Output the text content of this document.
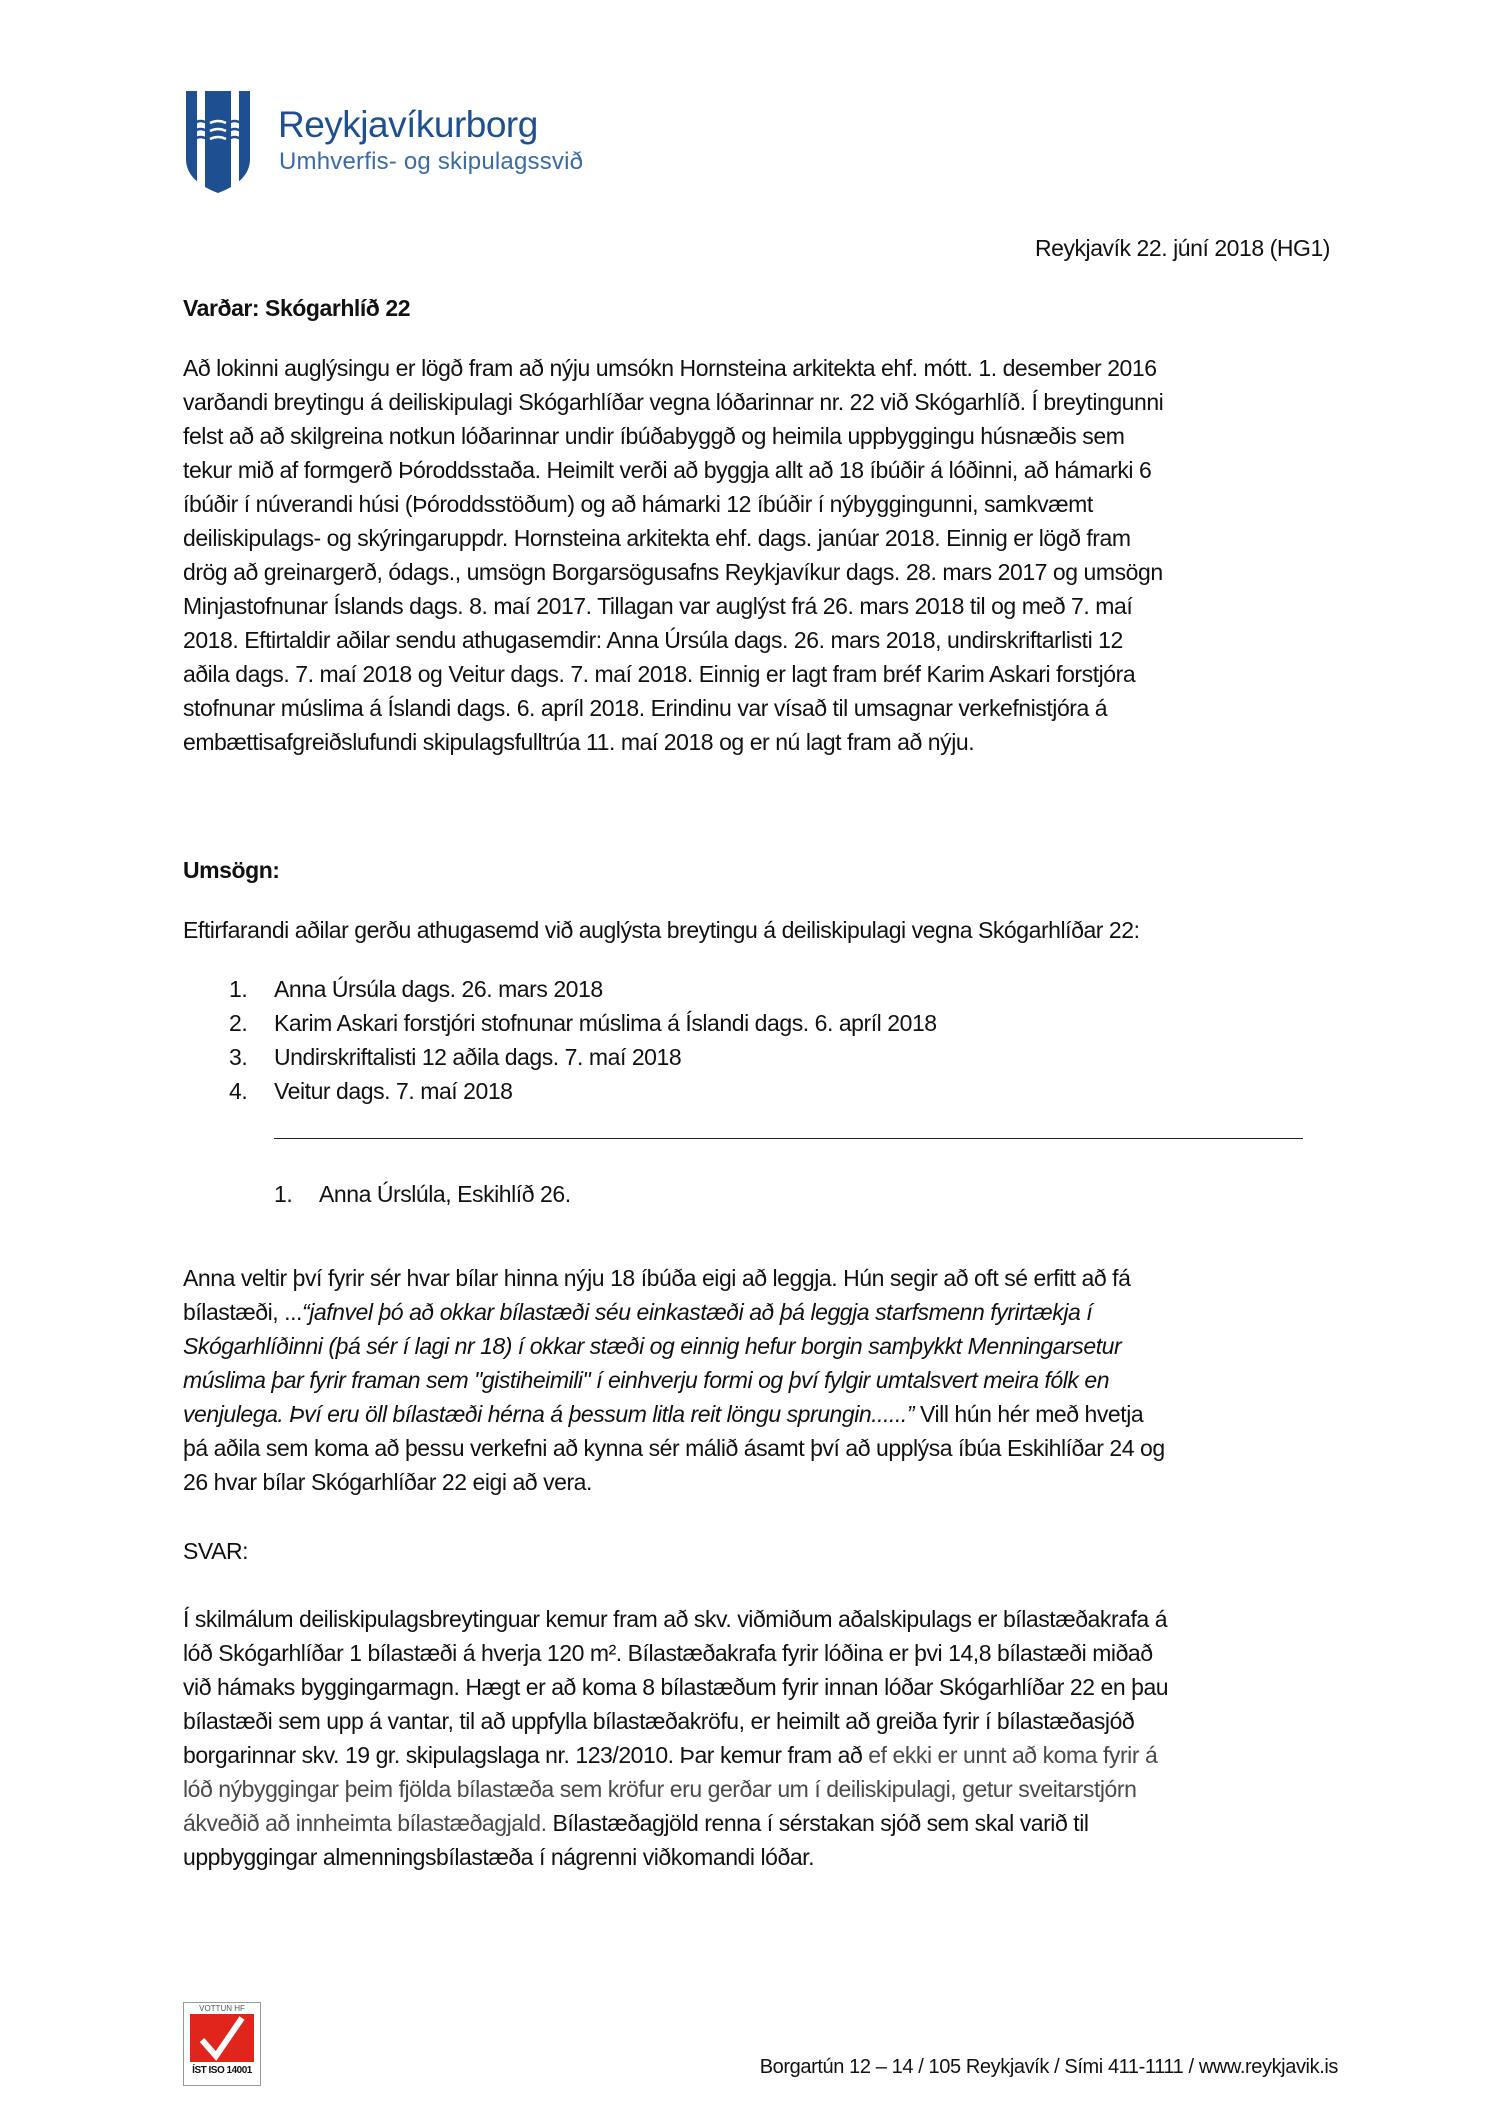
Reykjavíkurborg
Umhverfis- og skipulagssvið
Reykjavík 22. júní 2018 (HG1)
Varðar: Skógarhlíð 22
Að lokinni auglýsingu er lögð fram að nýju umsókn Hornsteina arkitekta ehf. mótt. 1. desember 2016
varðandi breytingu á deiliskipulagi Skógarhlíðar vegna lóðarinnar nr. 22 við Skógarhlíð. Í breytingunni
felst að að skilgreina notkun lóðarinnar undir íbúðabyggð og heimila uppbyggingu húsnæðis sem
tekur mið af formgerð Þóroddsstaða. Heimilt verði að byggja allt að 18 íbúðir á lóðinni, að hámarki 6
íbúðir í núverandi húsi (Þóroddsstöðum) og að hámarki 12 íbúðir í nýbyggingunni, samkvæmt
deiliskipulags- og skýringaruppdr. Hornsteina arkitekta ehf. dags. janúar 2018. Einnig er lögð fram
drög að greinargerð, ódags., umsögn Borgarsögusafns Reykjavíkur dags. 28. mars 2017 og umsögn
Minjastofnunar Íslands dags. 8. maí 2017. Tillagan var auglýst frá 26. mars 2018 til og með 7. maí
2018. Eftirtaldir aðilar sendu athugasemdir: Anna Úrsúla dags. 26. mars 2018, undirskriftarlisti 12
aðila dags. 7. maí 2018 og Veitur dags. 7. maí 2018. Einnig er lagt fram bréf Karim Askari forstjóra
stofnunar múslima á Íslandi dags. 6. apríl 2018. Erindinu var vísað til umsagnar verkefnistjóra á
embættisafgreiðslufundi skipulagsfulltrúa 11. maí 2018 og er nú lagt fram að nýju.
Umsögn:
Eftirfarandi aðilar gerðu athugasemd við auglýsta breytingu á deiliskipulagi vegna Skógarhlíðar 22:
1. Anna Úrsúla dags. 26. mars 2018
2. Karim Askari forstjóri stofnunar múslima á Íslandi dags. 6. apríl 2018
3. Undirskriftalisti 12 aðila dags. 7. maí 2018
4. Veitur dags. 7. maí 2018
1. Anna Úrslúla, Eskihlíð 26.
Anna veltir því fyrir sér hvar bílar hinna nýju 18 íbúða eigi að leggja. Hún segir að oft sé erfitt að fá
bílastæði, ...“jafnvel þó að okkar bílastæði séu einkastæði að þá leggja starfsmenn fyrirtækja í
Skógarhlíðinni (þá sér í lagi nr 18) í okkar stæði og einnig hefur borgin samþykkt Menningarsetur
múslima þar fyrir framan sem "gistiheimili" í einhverju formi og því fylgir umtalsvert meira fólk en
venjulega. Því eru öll bílastæði hérna á þessum litla reit löngu sprungin......” Vill hún hér með hvetja
þá aðila sem koma að þessu verkefni að kynna sér málið ásamt því að upplýsa íbúa Eskihlíðar 24 og
26 hvar bílar Skógarhlíðar 22 eigi að vera.
SVAR:
Í skilmálum deiliskipulagsbreytinguar kemur fram að skv. viðmiðum aðalskipulags er bílastæðakrafa á
lóð Skógarhlíðar 1 bílastæði á hverja 120 m². Bílastæðakrafa fyrir lóðina er þvi 14,8 bílastæði miðað
við hámaks byggingarmagn. Hægt er að koma 8 bílastæðum fyrir innan lóðar Skógarhlíðar 22 en þau
bílastæði sem upp á vantar, til að uppfylla bílastæðakröfu, er heimilt að greiða fyrir í bílastæðasjóð
borgarinnar skv. 19 gr. skipulagslaga nr. 123/2010. Þar kemur fram að ef ekki er unnt að koma fyrir á
lóð nýbyggingar þeim fjölda bílastæða sem kröfur eru gerðar um í deiliskipulagi, getur sveitarstjórn
ákveðið að innheimta bílastæðagjald. Bílastæðagjöld renna í sérstakan sjóð sem skal varið til
uppbyggingar almenningsbílastæða í nágrenni viðkomandi lóðar.
VOTTUN HF
ÍST ISO 14001	Borgartún 12 – 14 / 105 Reykjavík / Sími 411-1111 / www.reykjavik.is
